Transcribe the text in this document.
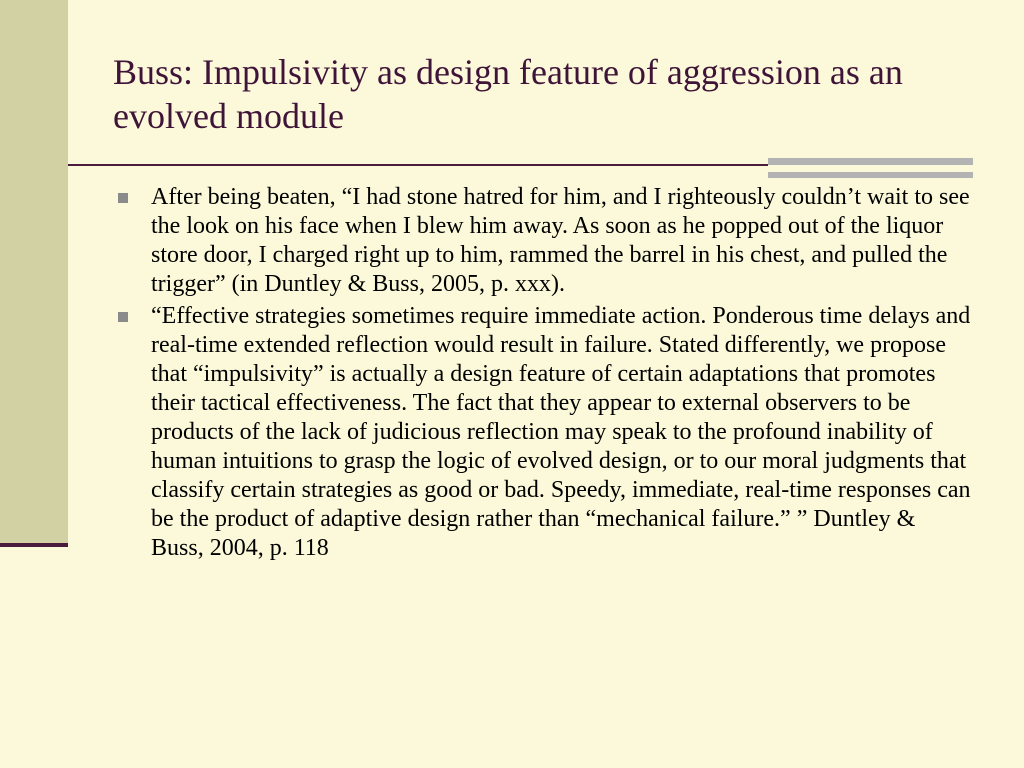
Buss: Impulsivity as design feature of aggression as an evolved module
After being beaten, “I had stone hatred for him, and I righteously couldn’t wait to see the look on his face when I blew him away. As soon as he popped out of the liquor store door, I charged right up to him, rammed the barrel in his chest, and pulled the trigger” (in Duntley & Buss, 2005, p. xxx).
“Effective strategies sometimes require immediate action. Ponderous time delays and real-time extended reflection would result in failure. Stated differently, we propose that “impulsivity” is actually a design feature of certain adaptations that promotes their tactical effectiveness. The fact that they appear to external observers to be products of the lack of judicious reflection may speak to the profound inability of human intuitions to grasp the logic of evolved design, or to our moral judgments that classify certain strategies as good or bad. Speedy, immediate, real-time responses can be the product of adaptive design rather than “mechanical failure.” ” Duntley & Buss, 2004, p. 118
